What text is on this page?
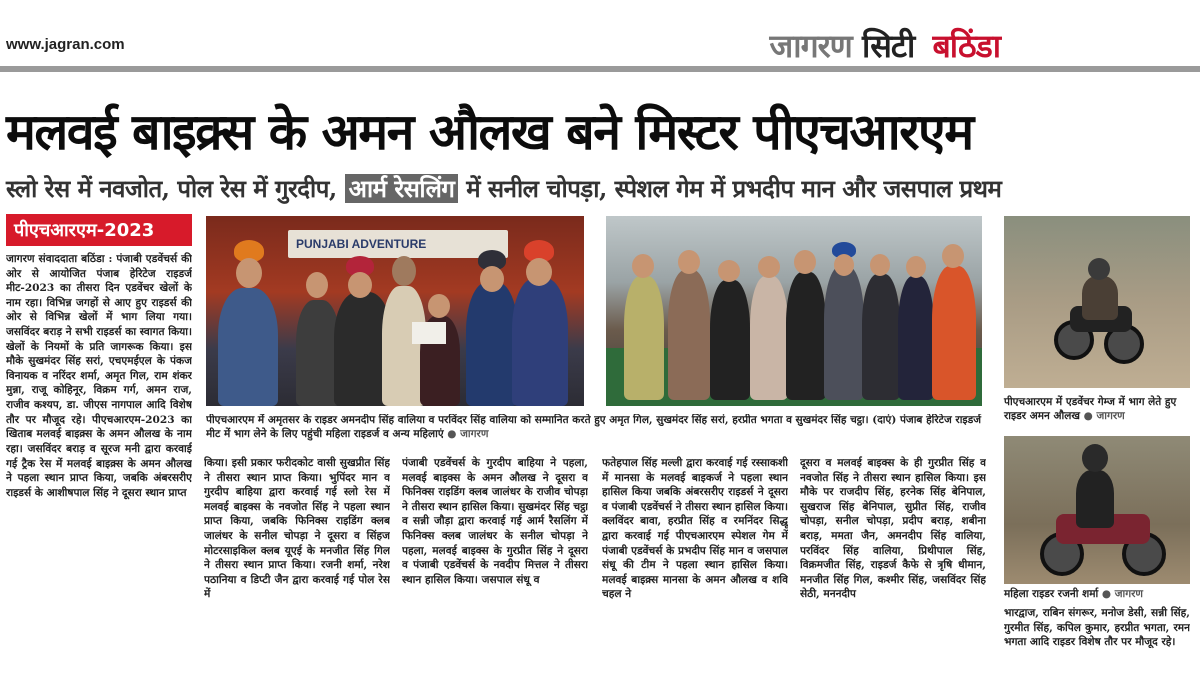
www.jagran.com	जागरण सिटी बठिंडा
मलवई बाइक्र्स के अमन औलख बने मिस्टर पीएचआरएम
स्लो रेस में नवजोत, पोल रेस में गुरदीप, आर्म रेसलिंग में सनील चोपड़ा, स्पेशल गेम में प्रभदीप मान और जसपाल प्रथम
पीएचआरएम-2023
PUNJABI ADVENTURE
पीएचआरएम में एडवेंचर गेम्ज में भाग लेते हुए राइडर अमन औलख ● जागरण
महिला राइडर रजनी शर्मा ● जागरण
पीएचआरएम में अमृतसर के राइडर अमनदीप सिंह वालिया व परविंदर सिंह वालिया को सम्मानित करते हुए अमृत गिल, सुखमंदर सिंह सरां, हरप्रीत भगता व सुखमंदर सिंह चट्ठा। (दाएं) पंजाब हेरिटेज राइडर्ज मीट में भाग लेने के लिए पहुंची महिला राइडर्ज व अन्य महिलाएं ● जागरण
जागरण संवाददाता बठिंडा : पंजाबी एडवेंचर्स की ओर से आयोजित पंजाब हेरिटेज राइडर्ज मीट-2023 का तीसरा दिन एडवेंचर खेलों के नाम रहा। विभिन्न जगहों से आए हुए राइडर्स की ओर से विभिन्न खेलों में भाग लिया गया। जसविंदर बराड़ ने सभी राइडर्स का स्वागत किया। खेलों के नियमों के प्रति जागरूक किया। इस मौके सुखमंदर सिंह सरां, एचएमईएल के पंकज विनायक व नरिंदर शर्मा, अमृत गिल, राम शंकर मुन्ना, राजू कोहिनूर, विक्रम गर्ग, अमन राज, राजीव कश्यप, डा. जीएस नागपाल आदि विशेष तौर पर मौजूद रहे। पीएचआरएम-2023 का खिताब मलवई बाइक्र्स के अमन औलख के नाम रहा। जसविंदर बराड़ व सूरज मनी द्वारा करवाई गई ट्रैक रेस में मलवई बाइक्र्स के अमन औलख ने पहला स्थान प्राप्त किया, जबकि अंबरसरीए राइडर्स के आशीषपाल सिंह ने दूसरा स्थान प्राप्त
किया। इसी प्रकार फरीदकोट वासी सुखप्रीत सिंह ने तीसरा स्थान प्राप्त किया। भुपिंदर मान व गुरदीप बाहिया द्वारा करवाई गई स्लो रेस में मलवई बाइक्स के नवजोत सिंह ने पहला स्थान प्राप्त किया, जबकि फिनिक्स राइडिंग क्लब जालंधर के सनील चोपड़ा ने दूसरा व सिंहज मोटरसाइकिल क्लब यूएई के मनजीत सिंह गिल ने तीसरा स्थान प्राप्त किया। रजनी शर्मा, नरेश पठानिया व डिप्टी जैन द्वारा करवाई गई पोल रेस में
पंजाबी एडवेंचर्स के गुरदीप बाहिया ने पहला, मलवई बाइक्स के अमन औलख ने दूसरा व फिनिक्स राइडिंग क्लब जालंधर के राजीव चोपड़ा ने तीसरा स्थान हासिल किया। सुखमंदर सिंह चट्ठा व सन्नी जौड़ा द्वारा करवाई गई आर्म रैसलिंग में फिनिक्स क्लब जालंधर के सनील चोपड़ा ने पहला, मलवई बाइक्स के गुरप्रीत सिंह ने दूसरा व पंजाबी एडवेंचर्स के नवदीप मित्तल ने तीसरा स्थान हासिल किया। जसपाल संधू व
फतेहपाल सिंह मल्ली द्वारा करवाई गई रस्साकशी में मानसा के मलवई बाइकर्ज ने पहला स्थान हासिल किया जबकि अंबरसरीए राइडर्स ने दूसरा व पंजाबी एडवेंचर्स ने तीसरा स्थान हासिल किया। क्लविंदर बावा, हरप्रीत सिंह व रमनिंदर सिद्धू द्वारा करवाई गई पीएचआरएम स्पेशल गेम में पंजाबी एडवेंचर्स के प्रभदीप सिंह मान व जसपाल संधू की टीम ने पहला स्थान हासिल किया। मलवई बाइक्र्स मानसा के अमन औलख व शवि चहल ने
दूसरा व मलवई बाइक्स के ही गुरप्रीत सिंह व नवजोत सिंह ने तीसरा स्थान हासिल किया। इस मौके पर राजदीप सिंह, हरनेक सिंह बेनिपाल, सुखराज सिंह बेनिपाल, सुप्रीत सिंह, राजीव चोपड़ा, सनील चोपड़ा, प्रदीप बराड़, शबीना बराड़, ममता जैन, अमनदीप सिंह वालिया, परविंदर सिंह वालिया, प्रिथीपाल सिंह, विक्रमजीत सिंह, राइडर्ज कैफे से त्रृषि धीमान, मनजीत सिंह गिल, कश्मीर सिंह, जसविंदर सिंह सेठी, मननदीप
भारद्वाज, राबिन संगरूर, मनोज डेसी, सन्नी सिंह, गुरमीत सिंह, कपिल कुमार, हरप्रीत भगता, रमन भगता आदि राइडर विशेष तौर पर मौजूद रहे।
